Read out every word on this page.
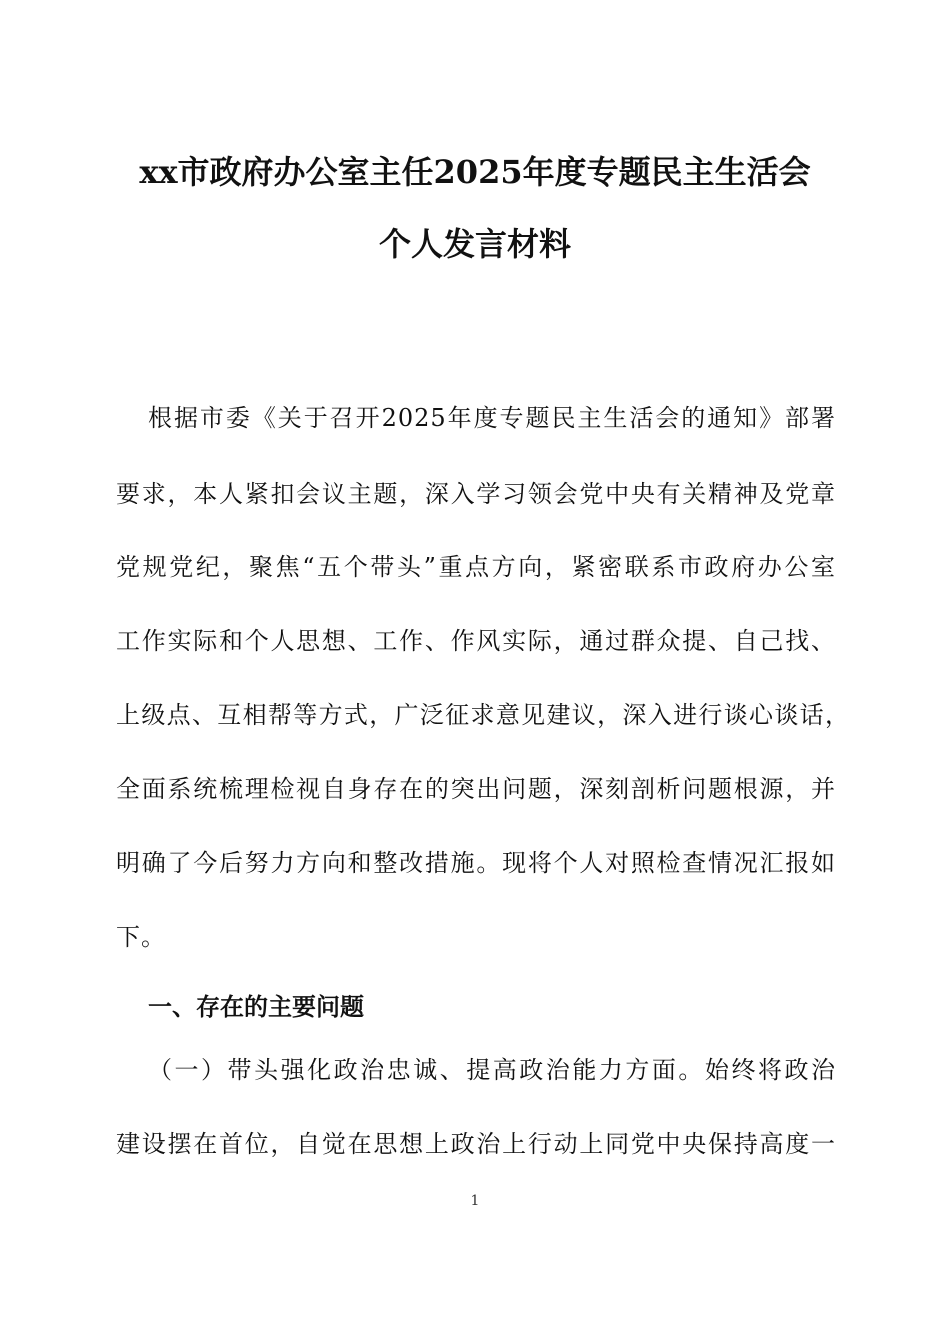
xx市政府办公室主任2025年度专题民主生活会
个人发言材料
根据市委《关于召开2025年度专题民主生活会的通知》部署
要求，本人紧扣会议主题，深入学习领会党中央有关精神及党章
党规党纪，聚焦“五个带头”重点方向，紧密联系市政府办公室
工作实际和个人思想、工作、作风实际，通过群众提、自己找、
上级点、互相帮等方式，广泛征求意见建议，深入进行谈心谈话，
全面系统梳理检视自身存在的突出问题，深刻剖析问题根源，并
明确了今后努力方向和整改措施。现将个人对照检查情况汇报如
下。
一、存在的主要问题
（一）带头强化政治忠诚、提高政治能力方面。始终将政治
建设摆在首位，自觉在思想上政治上行动上同党中央保持高度一
1
